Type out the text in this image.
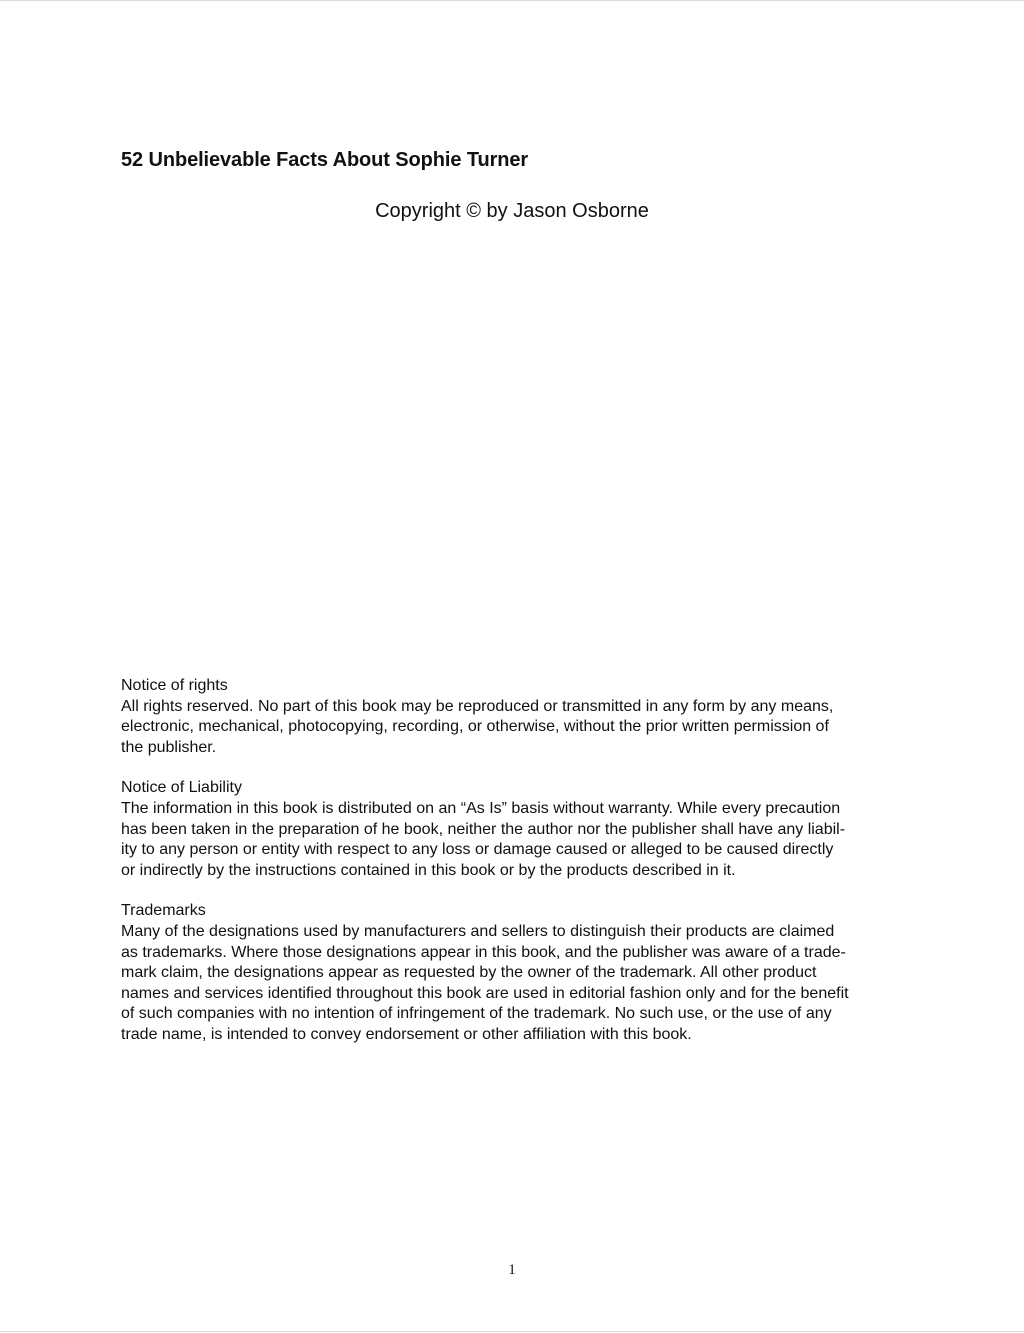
52 Unbelievable Facts About Sophie Turner
Copyright © by Jason Osborne
Notice of rights
All rights reserved. No part of this book may be reproduced or transmitted in any form by any means,
electronic, mechanical, photocopying, recording, or otherwise, without the prior written permission of
the publisher.
Notice of Liability
The information in this book is distributed on an “As Is” basis without warranty. While every precaution
has been taken in the preparation of he book, neither the author nor the publisher shall have any liabil-
ity to any person or entity with respect to any loss or damage caused or alleged to be caused directly
or indirectly by the instructions contained in this book or by the products described in it.
Trademarks
Many of the designations used by manufacturers and sellers to distinguish their products are claimed
as trademarks. Where those designations appear in this book, and the publisher was aware of a trade-
mark claim, the designations appear as requested by the owner of the trademark. All other product
names and services identified throughout this book are used in editorial fashion only and for the benefit
of such companies with no intention of infringement of the trademark. No such use, or the use of any
trade name, is intended to convey endorsement or other affiliation with this book.
1
